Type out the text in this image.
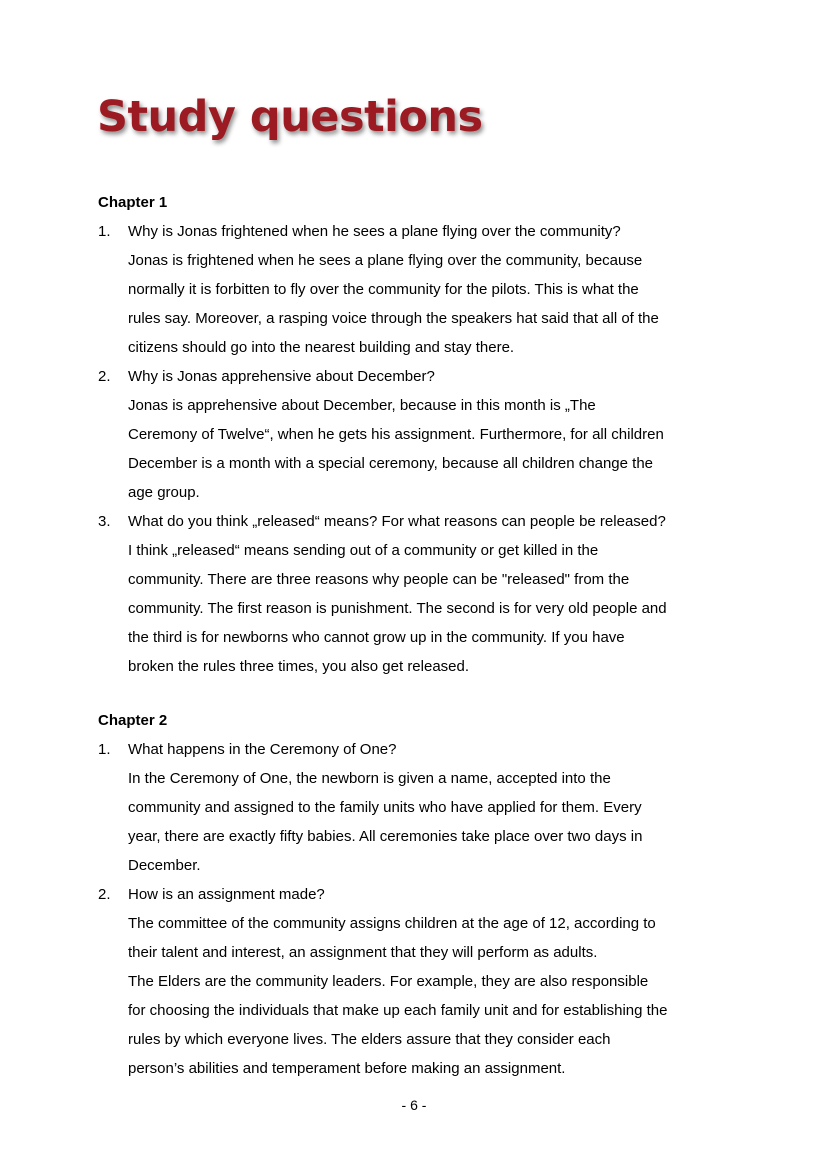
Study questions
Chapter 1
1. Why is Jonas frightened when he sees a plane flying over the community?
Jonas is frightened when he sees a plane flying over the community, because
normally it is forbitten to fly over the community for the pilots. This is what the
rules say. Moreover, a rasping voice through the speakers hat said that all of the
citizens should go into the nearest building and stay there.
2. Why is Jonas apprehensive about December?
Jonas is apprehensive about December, because in this month is „The
Ceremony of Twelve“, when he gets his assignment. Furthermore, for all children
December is a month with a special ceremony, because all children change the
age group.
3. What do you think „released“ means? For what reasons can people be released?
I think „released“ means sending out of a community or get killed in the
community. There are three reasons why people can be "released" from the
community. The first reason is punishment. The second is for very old people and
the third is for newborns who cannot grow up in the community. If you have
broken the rules three times, you also get released.
Chapter 2
1. What happens in the Ceremony of One?
In the Ceremony of One, the newborn is given a name, accepted into the
community and assigned to the family units who have applied for them. Every
year, there are exactly fifty babies. All ceremonies take place over two days in
December.
2. How is an assignment made?
The committee of the community assigns children at the age of 12, according to
their talent and interest, an assignment that they will perform as adults.
The Elders are the community leaders. For example, they are also responsible
for choosing the individuals that make up each family unit and for establishing the
rules by which everyone lives. The elders assure that they consider each
person’s abilities and temperament before making an assignment.
- 6 -
